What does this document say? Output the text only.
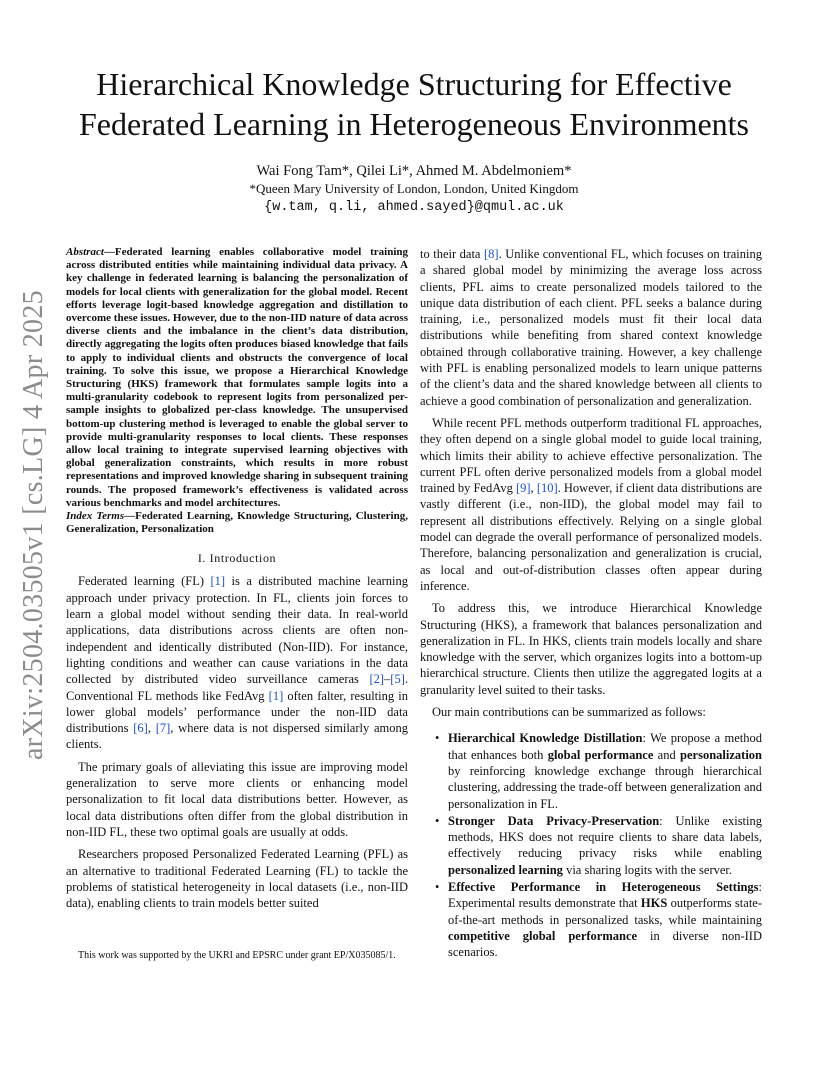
arXiv:2504.03505v1 [cs.LG] 4 Apr 2025
Hierarchical Knowledge Structuring for Effective
Federated Learning in Heterogeneous Environments
Wai Fong Tam*, Qilei Li*, Ahmed M. Abdelmoniem*
*Queen Mary University of London, London, United Kingdom
{w.tam, q.li, ahmed.sayed}@qmul.ac.uk

Abstract—Federated learning enables collaborative model training across distributed entities while maintaining individual data privacy. A key challenge in federated learning is balancing the personalization of models for local clients with generalization for the global model. Recent efforts leverage logit-based knowledge aggregation and distillation to overcome these issues. However, due to the non-IID nature of data across diverse clients and the imbalance in the client’s data distribution, directly aggregating the logits often produces biased knowledge that fails to apply to individual clients and obstructs the convergence of local training. To solve this issue, we propose a Hierarchical Knowledge Structuring (HKS) framework that formulates sample logits into a multi-granularity codebook to represent logits from personalized per-sample insights to globalized per-class knowledge. The unsupervised bottom-up clustering method is leveraged to enable the global server to provide multi-granularity responses to local clients. These responses allow local training to integrate supervised learning objectives with global generalization constraints, which results in more robust representations and improved knowledge sharing in subsequent training rounds. The proposed framework’s effectiveness is validated across various benchmarks and model architectures.

Index Terms—Federated Learning, Knowledge Structuring, Clustering, Generalization, Personalization

I. Introduction

Federated learning (FL) [1] is a distributed machine learning approach under privacy protection. In FL, clients join forces to learn a global model without sending their data. In real-world applications, data distributions across clients are often non-independent and identically distributed (Non-IID). For instance, lighting conditions and weather can cause variations in the data collected by distributed video surveillance cameras [2]–[5]. Conventional FL methods like FedAvg [1] often falter, resulting in lower global models’ performance under the non-IID data distributions [6], [7], where data is not dispersed similarly among clients.

The primary goals of alleviating this issue are improving model generalization to serve more clients or enhancing model personalization to fit local data distributions better. However, as local data distributions often differ from the global distribution in non-IID FL, these two optimal goals are usually at odds.

Researchers proposed Personalized Federated Learning (PFL) as an alternative to traditional Federated Learning (FL) to tackle the problems of statistical heterogeneity in local datasets (i.e., non-IID data), enabling clients to train models better suited

This work was supported by the UKRI and EPSRC under grant EP/X035085/1.

to their data [8]. Unlike conventional FL, which focuses on training a shared global model by minimizing the average loss across clients, PFL aims to create personalized models tailored to the unique data distribution of each client. PFL seeks a balance during training, i.e., personalized models must fit their local data distributions while benefiting from shared context knowledge obtained through collaborative training. However, a key challenge with PFL is enabling personalized models to learn unique patterns of the client’s data and the shared knowledge between all clients to achieve a good combination of personalization and generalization.

While recent PFL methods outperform traditional FL approaches, they often depend on a single global model to guide local training, which limits their ability to achieve effective personalization. The current PFL often derive personalized models from a global model trained by FedAvg [9], [10]. However, if client data distributions are vastly different (i.e., non-IID), the global model may fail to represent all distributions effectively. Relying on a single global model can degrade the overall performance of personalized models. Therefore, balancing personalization and generalization is crucial, as local and out-of-distribution classes often appear during inference.

To address this, we introduce Hierarchical Knowledge Structuring (HKS), a framework that balances personalization and generalization in FL. In HKS, clients train models locally and share knowledge with the server, which organizes logits into a bottom-up hierarchical structure. Clients then utilize the aggregated logits at a granularity level suited to their tasks.

Our main contributions can be summarized as follows:

• Hierarchical Knowledge Distillation: We propose a method that enhances both global performance and personalization by reinforcing knowledge exchange through hierarchical clustering, addressing the trade-off between generalization and personalization in FL.
• Stronger Data Privacy-Preservation: Unlike existing methods, HKS does not require clients to share data labels, effectively reducing privacy risks while enabling personalized learning via sharing logits with the server.
• Effective Performance in Heterogeneous Settings: Experimental results demonstrate that HKS outperforms state-of-the-art methods in personalized tasks, while maintaining competitive global performance in diverse non-IID scenarios.
